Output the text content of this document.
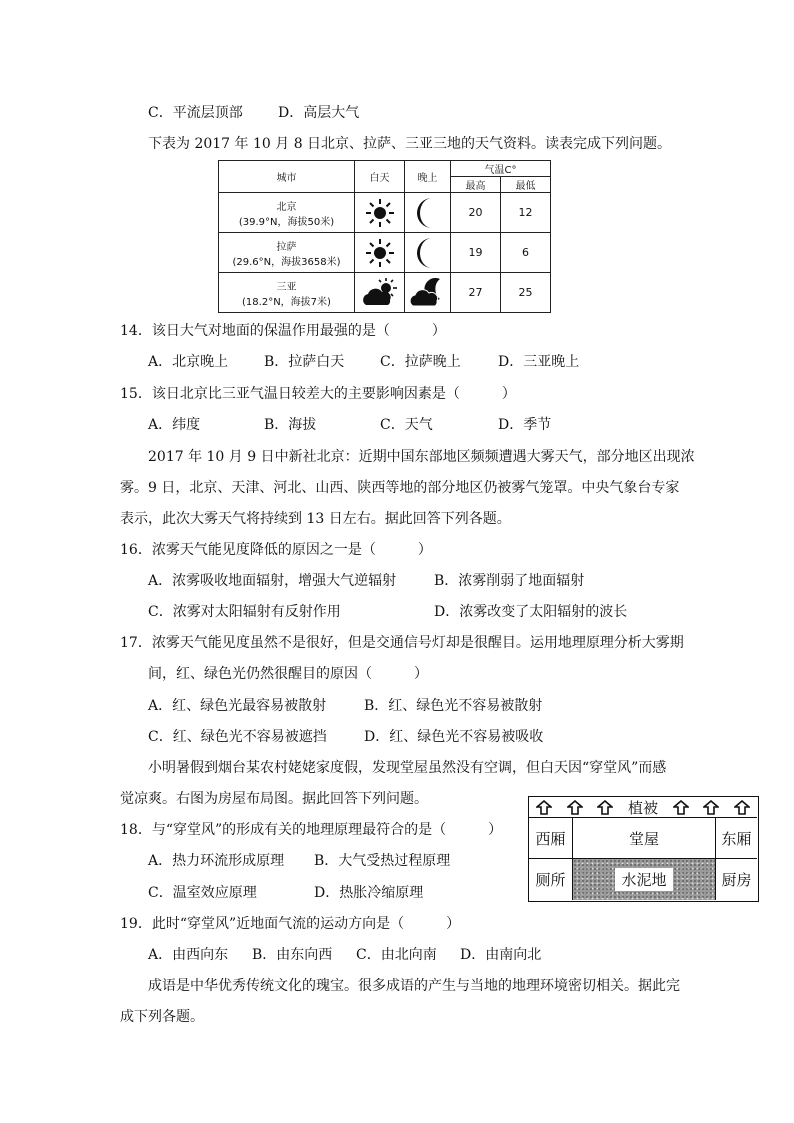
C．平流层顶部	D．高层大气
下表为 2017 年 10 月 8 日北京、拉萨、三亚三地的天气资料。读表完成下列问题。
城市	白天	晚上	气温C°	
			最高	最低

北京
(39.9°N，海拔50米)			20	12

拉萨
(29.6°N，海拔3658米)			19	6

三亚
(18.2°N，海拔7米)			27	25
14．该日大气对地面的保温作用最强的是（　　　）
A．北京晚上	B．拉萨白天	C．拉萨晚上	D．三亚晚上
15．该日北京比三亚气温日较差大的主要影响因素是（　　　）
A．纬度	B．海拔	C．天气	D．季节
2017 年 10 月 9 日中新社北京：近期中国东部地区频频遭遇大雾天气，部分地区出现浓
雾。9 日，北京、天津、河北、山西、陕西等地的部分地区仍被雾气笼罩。中央气象台专家
表示，此次大雾天气将持续到 13 日左右。据此回答下列各题。
16．浓雾天气能见度降低的原因之一是（　　　）
A．浓雾吸收地面辐射，增强大气逆辐射	B．浓雾削弱了地面辐射
C．浓雾对太阳辐射有反射作用	D．浓雾改变了太阳辐射的波长
17．浓雾天气能见度虽然不是很好，但是交通信号灯却是很醒目。运用地理原理分析大雾期
间，红、绿色光仍然很醒目的原因（　　　）
A．红、绿色光最容易被散射	B．红、绿色光不容易被散射
C．红、绿色光不容易被遮挡	D．红、绿色光不容易被吸收
小明暑假到烟台某农村姥姥家度假，发现堂屋虽然没有空调，但白天因“穿堂风”而感
觉凉爽。右图为房屋布局图。据此回答下列问题。
18．与“穿堂风”的形成有关的地理原理最符合的是（　　　）
A．热力环流形成原理 B．大气受热过程原理
C．温室效应原理	D．热胀冷缩原理
19．此时“穿堂风”近地面气流的运动方向是（　　　）
A．由西向东 B．由东向西 C．由北向南 D．由南向北
成语是中华优秀传统文化的瑰宝。很多成语的产生与当地的地理环境密切相关。据此完
成下列各题。
植被
西厢
厕所
堂屋
水泥地
东厢
厨房
